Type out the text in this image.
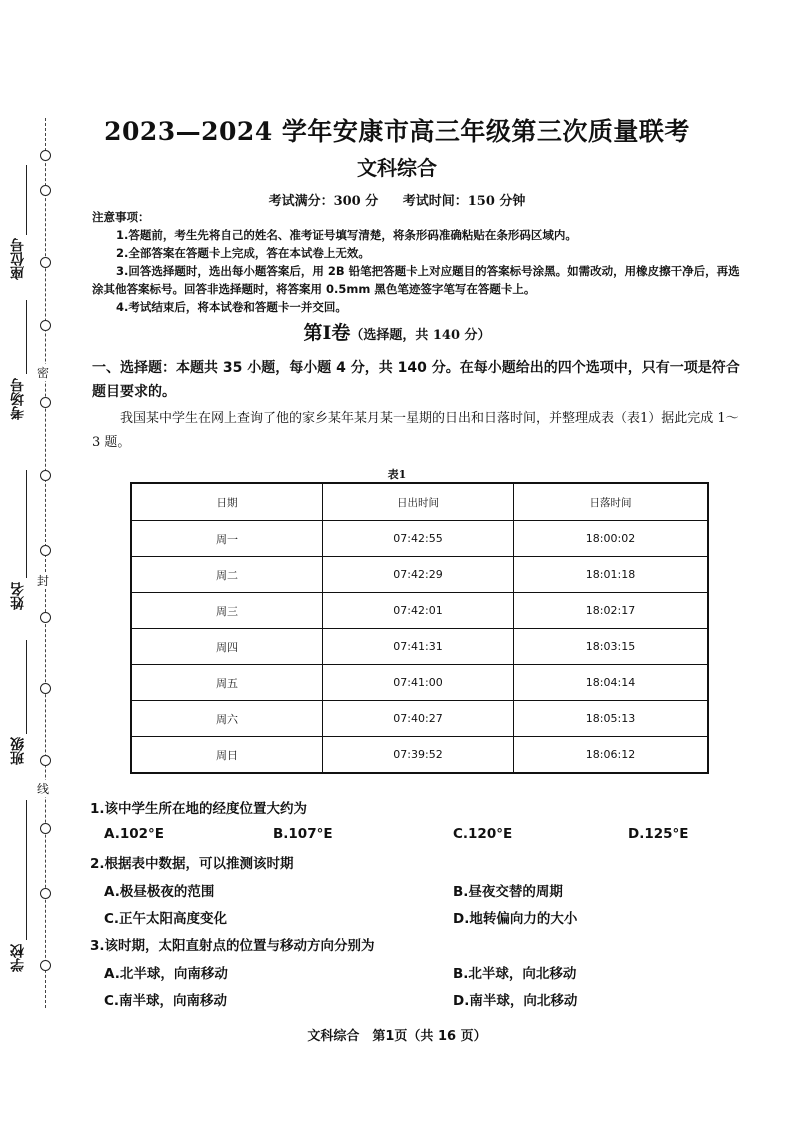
密
封
线
座位号
考场号
姓名
班级
学校
2023—2024 学年安康市高三年级第三次质量联考
文科综合
考试满分：300 分 考试时间：150 分钟
注意事项：
1.答题前，考生先将自己的姓名、准考证号填写清楚，将条形码准确粘贴在条形码区域内。
2.全部答案在答题卡上完成，答在本试卷上无效。
3.回答选择题时，选出每小题答案后，用 2B 铅笔把答题卡上对应题目的答案标号涂黑。如需改动，用橡皮擦干净后，再选涂其他答案标号。回答非选择题时，将答案用 0.5mm 黑色笔迹签字笔写在答题卡上。
4.考试结束后，将本试卷和答题卡一并交回。
第Ⅰ卷（选择题，共 140 分）
一、选择题：本题共 35 小题，每小题 4 分，共 140 分。在每小题给出的四个选项中，只有一项是符合题目要求的。
我国某中学生在网上查询了他的家乡某年某月某一星期的日出和日落时间，并整理成表（表1）据此完成 1～3 题。
表1
日期	日出时间	日落时间
周一	07:42:55	18:00:02
周二	07:42:29	18:01:18
周三	07:42:01	18:02:17
周四	07:41:31	18:03:15
周五	07:41:00	18:04:14
周六	07:40:27	18:05:13
周日	07:39:52	18:06:12
1.该中学生所在地的经度位置大约为
A.102°E	B.107°E	C.120°E	D.125°E
2.根据表中数据，可以推测该时期
A.极昼极夜的范围	B.昼夜交替的周期
C.正午太阳高度变化	D.地转偏向力的大小
3.该时期，太阳直射点的位置与移动方向分别为
A.北半球，向南移动	B.北半球，向北移动
C.南半球，向南移动	D.南半球，向北移动
文科综合　第1页（共 16 页）
